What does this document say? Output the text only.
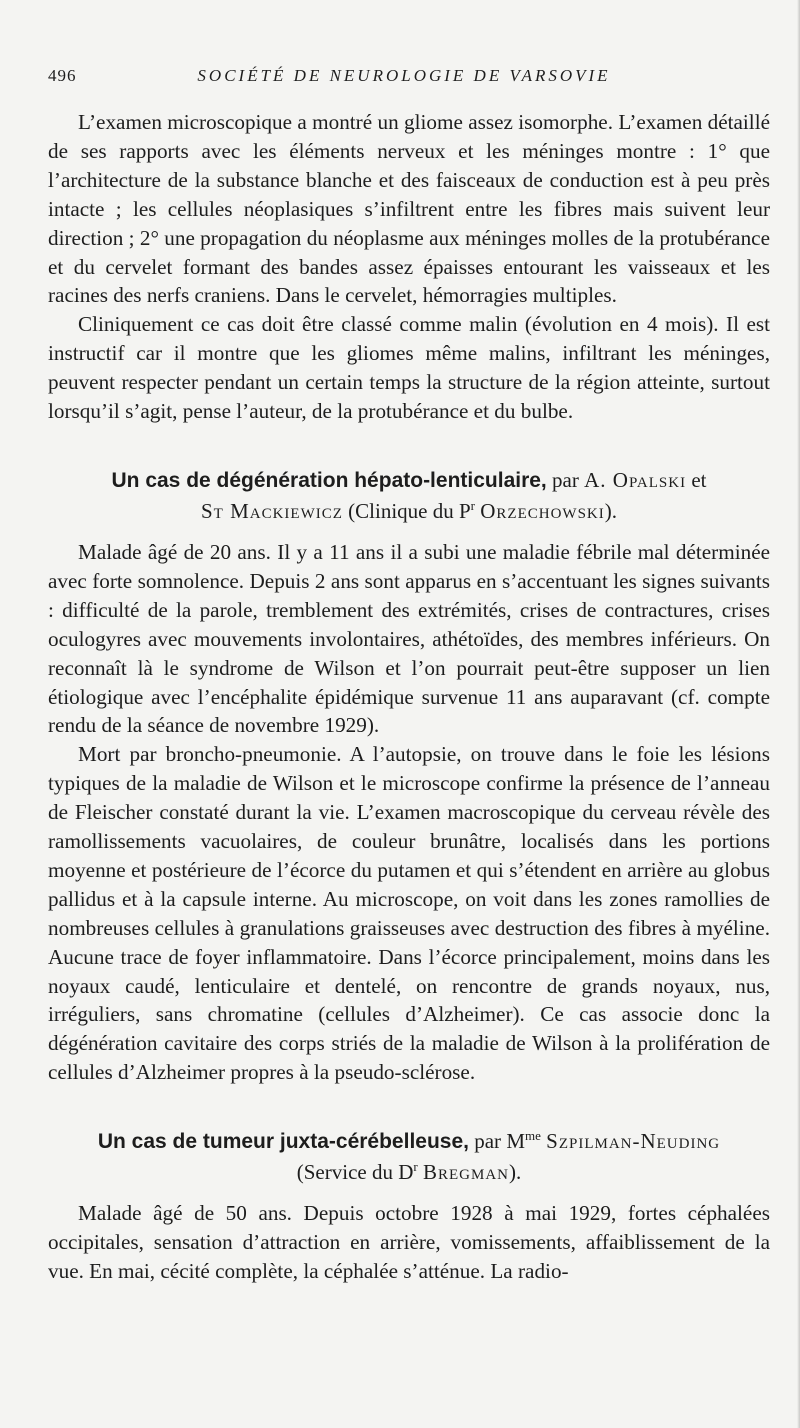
496	SOCIÉTÉ DE NEUROLOGIE DE VARSOVIE

L’examen microscopique a montré un gliome assez isomorphe. L’examen détaillé de ses rapports avec les éléments nerveux et les méninges montre : 1° que l’architecture de la substance blanche et des faisceaux de conduction est à peu près intacte ; les cellules néoplasiques s’infiltrent entre les fibres mais suivent leur direction ; 2° une propagation du néoplasme aux méninges molles de la protubérance et du cervelet formant des bandes assez épaisses entourant les vaisseaux et les racines des nerfs craniens. Dans le cervelet, hémorragies multiples.

Cliniquement ce cas doit être classé comme malin (évolution en 4 mois). Il est instructif car il montre que les gliomes même malins, infiltrant les méninges, peuvent respecter pendant un certain temps la structure de la région atteinte, surtout lorsqu’il s’agit, pense l’auteur, de la protubérance et du bulbe.

Un cas de dégénération hépato-lenticulaire, par A. Opalski et
St Mackiewicz (Clinique du $P^r$ Orzechowski).

Malade âgé de 20 ans. Il y a 11 ans il a subi une maladie fébrile mal déterminée avec forte somnolence. Depuis 2 ans sont apparus en s’accentuant les signes suivants : difficulté de la parole, tremblement des extrémités, crises de contractures, crises oculogyres avec mouvements involontaires, athétoïdes, des membres inférieurs. On reconnaît là le syndrome de Wilson et l’on pourrait peut-être supposer un lien étiologique avec l’encéphalite épidémique survenue 11 ans auparavant (cf. compte rendu de la séance de novembre 1929).

Mort par broncho-pneumonie. A l’autopsie, on trouve dans le foie les lésions typiques de la maladie de Wilson et le microscope confirme la présence de l’anneau de Fleischer constaté durant la vie. L’examen macroscopique du cerveau révèle des ramollissements vacuolaires, de couleur brunâtre, localisés dans les portions moyenne et postérieure de l’écorce du putamen et qui s’étendent en arrière au globus pallidus et à la capsule interne. Au microscope, on voit dans les zones ramollies de nombreuses cellules à granulations graisseuses avec destruction des fibres à myéline. Aucune trace de foyer inflammatoire. Dans l’écorce principalement, moins dans les noyaux caudé, lenticulaire et dentelé, on rencontre de grands noyaux, nus, irréguliers, sans chromatine (cellules d’Alzheimer). Ce cas associe donc la dégénération cavitaire des corps striés de la maladie de Wilson à la prolifération de cellules d’Alzheimer propres à la pseudo-sclérose.

Un cas de tumeur juxta-cérébelleuse, par $M^{me}$ Szpilman-Neuding
(Service du $D^r$ Bregman).

Malade âgé de 50 ans. Depuis octobre 1928 à mai 1929, fortes céphalées occipitales, sensation d’attraction en arrière, vomissements, affaiblissement de la vue. En mai, cécité complète, la céphalée s’atténue. La radio-
